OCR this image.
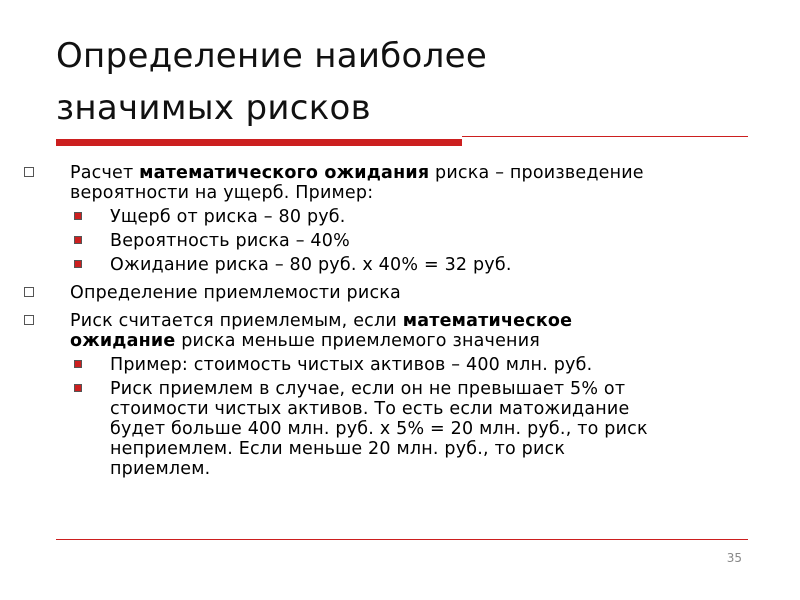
Определение наиболее
значимых рисков
Расчет математического ожидания риска – произведение
вероятности на ущерб. Пример:
Ущерб от риска – 80 руб.
Вероятность риска – 40%
Ожидание риска – 80 руб. х 40% = 32 руб.
Определение приемлемости риска
Риск считается приемлемым, если математическое
ожидание риска меньше приемлемого значения
Пример: стоимость чистых активов – 400 млн. руб.
Риск приемлем в случае, если он не превышает 5% от
стоимости чистых активов. То есть если матожидание
будет больше 400 млн. руб. х 5% = 20 млн. руб., то риск
неприемлем. Если меньше 20 млн. руб., то риск
приемлем.
35
